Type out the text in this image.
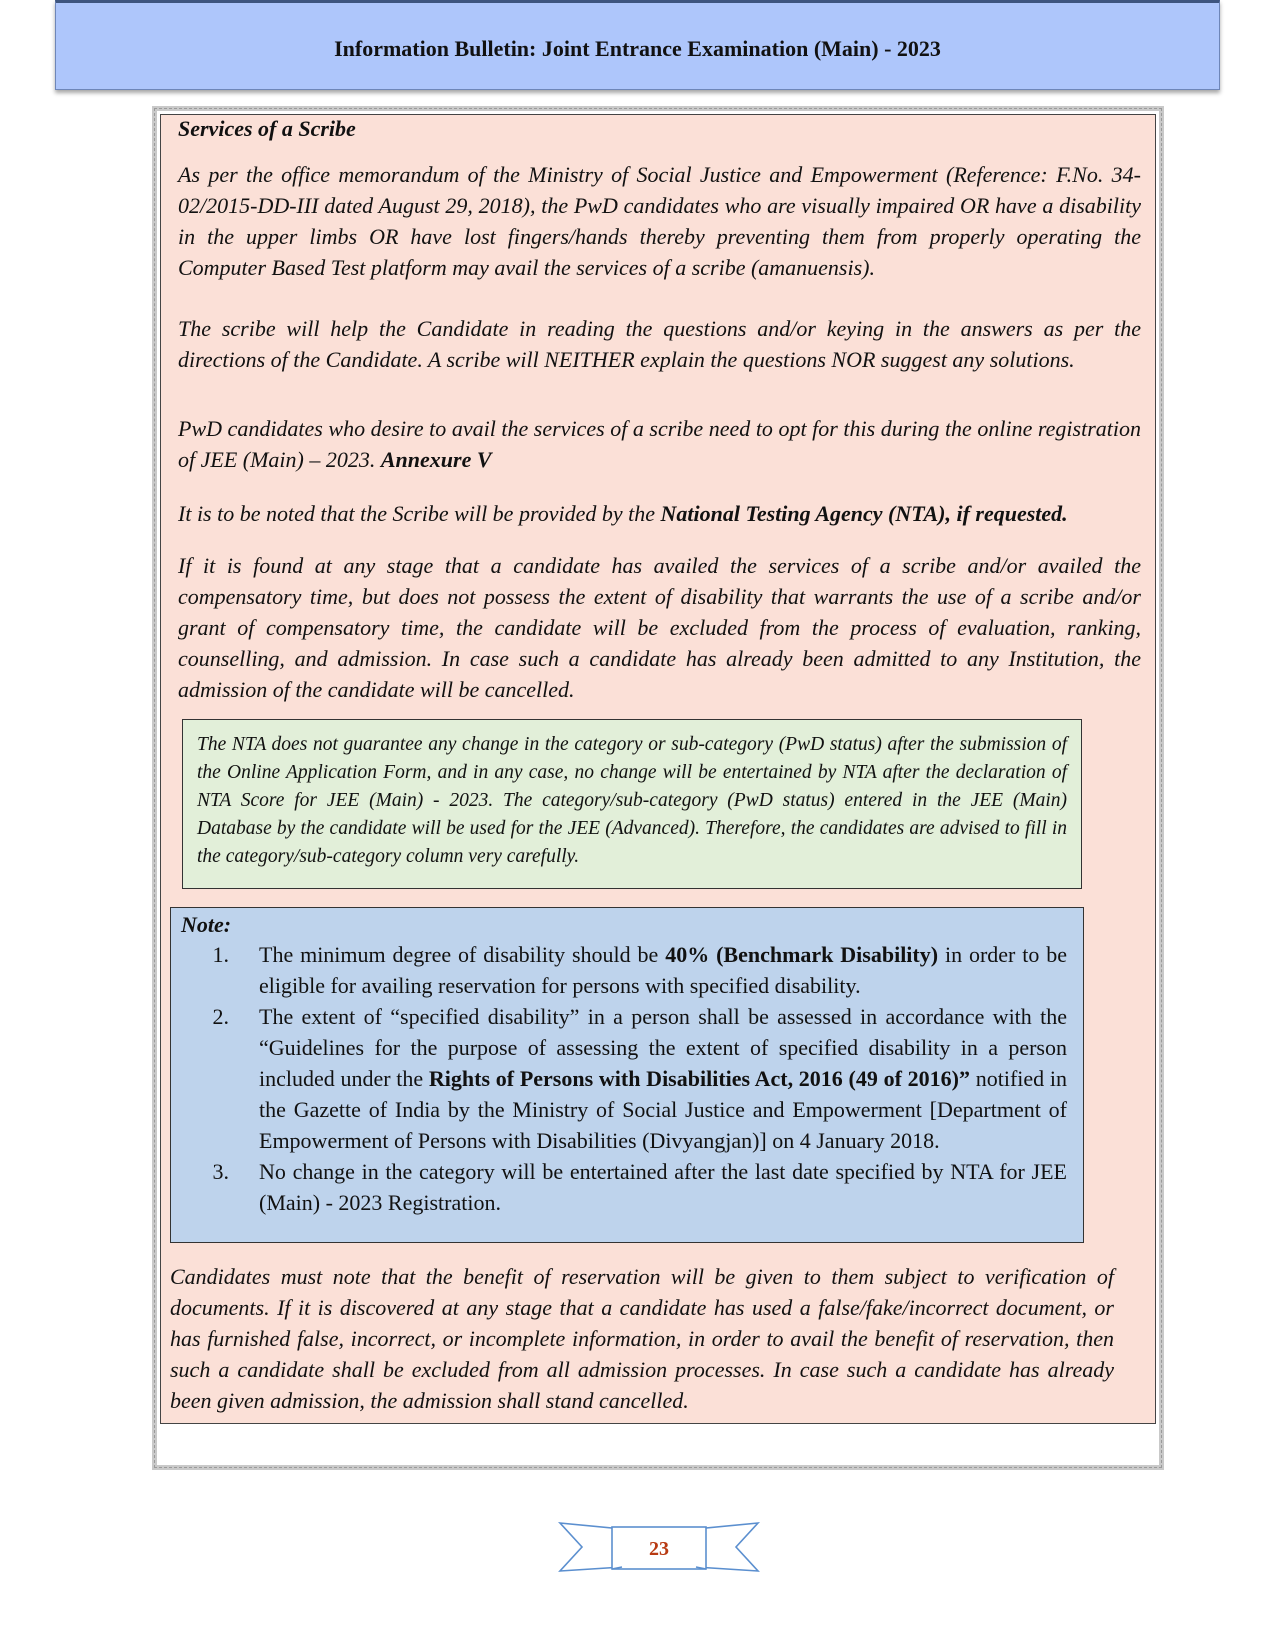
Information Bulletin: Joint Entrance Examination (Main) - 2023
Services of a Scribe

As per the office memorandum of the Ministry of Social Justice and Empowerment (Reference: F.No. 34-02/2015-DD-III dated August 29, 2018), the PwD candidates who are visually impaired OR have a disability in the upper limbs OR have lost fingers/hands thereby preventing them from properly operating the Computer Based Test platform may avail the services of a scribe (amanuensis).

The scribe will help the Candidate in reading the questions and/or keying in the answers as per the directions of the Candidate. A scribe will NEITHER explain the questions NOR suggest any solutions.

PwD candidates who desire to avail the services of a scribe need to opt for this during the online registration of JEE (Main) – 2023. Annexure V

It is to be noted that the Scribe will be provided by the National Testing Agency (NTA), if requested.

If it is found at any stage that a candidate has availed the services of a scribe and/or availed the compensatory time, but does not possess the extent of disability that warrants the use of a scribe and/or grant of compensatory time, the candidate will be excluded from the process of evaluation, ranking, counselling, and admission. In case such a candidate has already been admitted to any Institution, the admission of the candidate will be cancelled.

The NTA does not guarantee any change in the category or sub-category (PwD status) after the submission of the Online Application Form, and in any case, no change will be entertained by NTA after the declaration of NTA Score for JEE (Main) - 2023. The category/sub-category (PwD status) entered in the JEE (Main) Database by the candidate will be used for the JEE (Advanced). Therefore, the candidates are advised to fill in the category/sub-category column very carefully.
Note:
1. The minimum degree of disability should be 40% (Benchmark Disability) in order to be eligible for availing reservation for persons with specified disability.
2. The extent of “specified disability” in a person shall be assessed in accordance with the “Guidelines for the purpose of assessing the extent of specified disability in a person included under the Rights of Persons with Disabilities Act, 2016 (49 of 2016)” notified in the Gazette of India by the Ministry of Social Justice and Empowerment [Department of Empowerment of Persons with Disabilities (Divyangjan)] on 4 January 2018.
3. No change in the category will be entertained after the last date specified by NTA for JEE (Main) - 2023 Registration.

Candidates must note that the benefit of reservation will be given to them subject to verification of documents. If it is discovered at any stage that a candidate has used a false/fake/incorrect document, or has furnished false, incorrect, or incomplete information, in order to avail the benefit of reservation, then such a candidate shall be excluded from all admission processes. In case such a candidate has already been given admission, the admission shall stand cancelled.

23
